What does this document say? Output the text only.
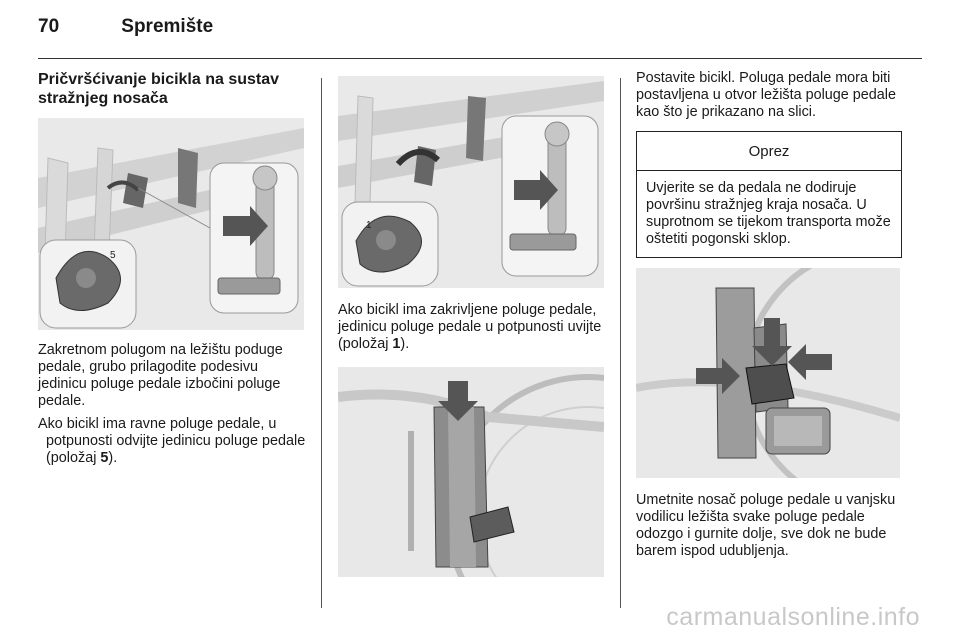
70	Spremište
Pričvršćivanje bicikla na sustav stražnjeg nosača
5

Zakretnom polugom na ležištu poduge pedale, grubo prilagodite podesivu jedinicu poluge pedale izbočini poluge pedale.

Ako bicikl ima ravne poluge pedale, u potpunosti odvijte jedinicu poluge pedale (položaj 5).

1

Ako bicikl ima zakrivljene poluge pedale, jedinicu poluge pedale u potpunosti uvijte (položaj 1).

Postavite bicikl. Poluga pedale mora biti postavljena u otvor ležišta poluge pedale kao što je prikazano na slici.

Oprez
Uvjerite se da pedala ne dodiruje površinu stražnjeg kraja nosača. U suprotnom se tijekom transporta može oštetiti pogonski sklop.

Umetnite nosač poluge pedale u vanjsku vodilicu ležišta svake poluge pedale odozgo i gurnite dolje, sve dok ne bude barem ispod udubljenja.

carmanualsonline.info
